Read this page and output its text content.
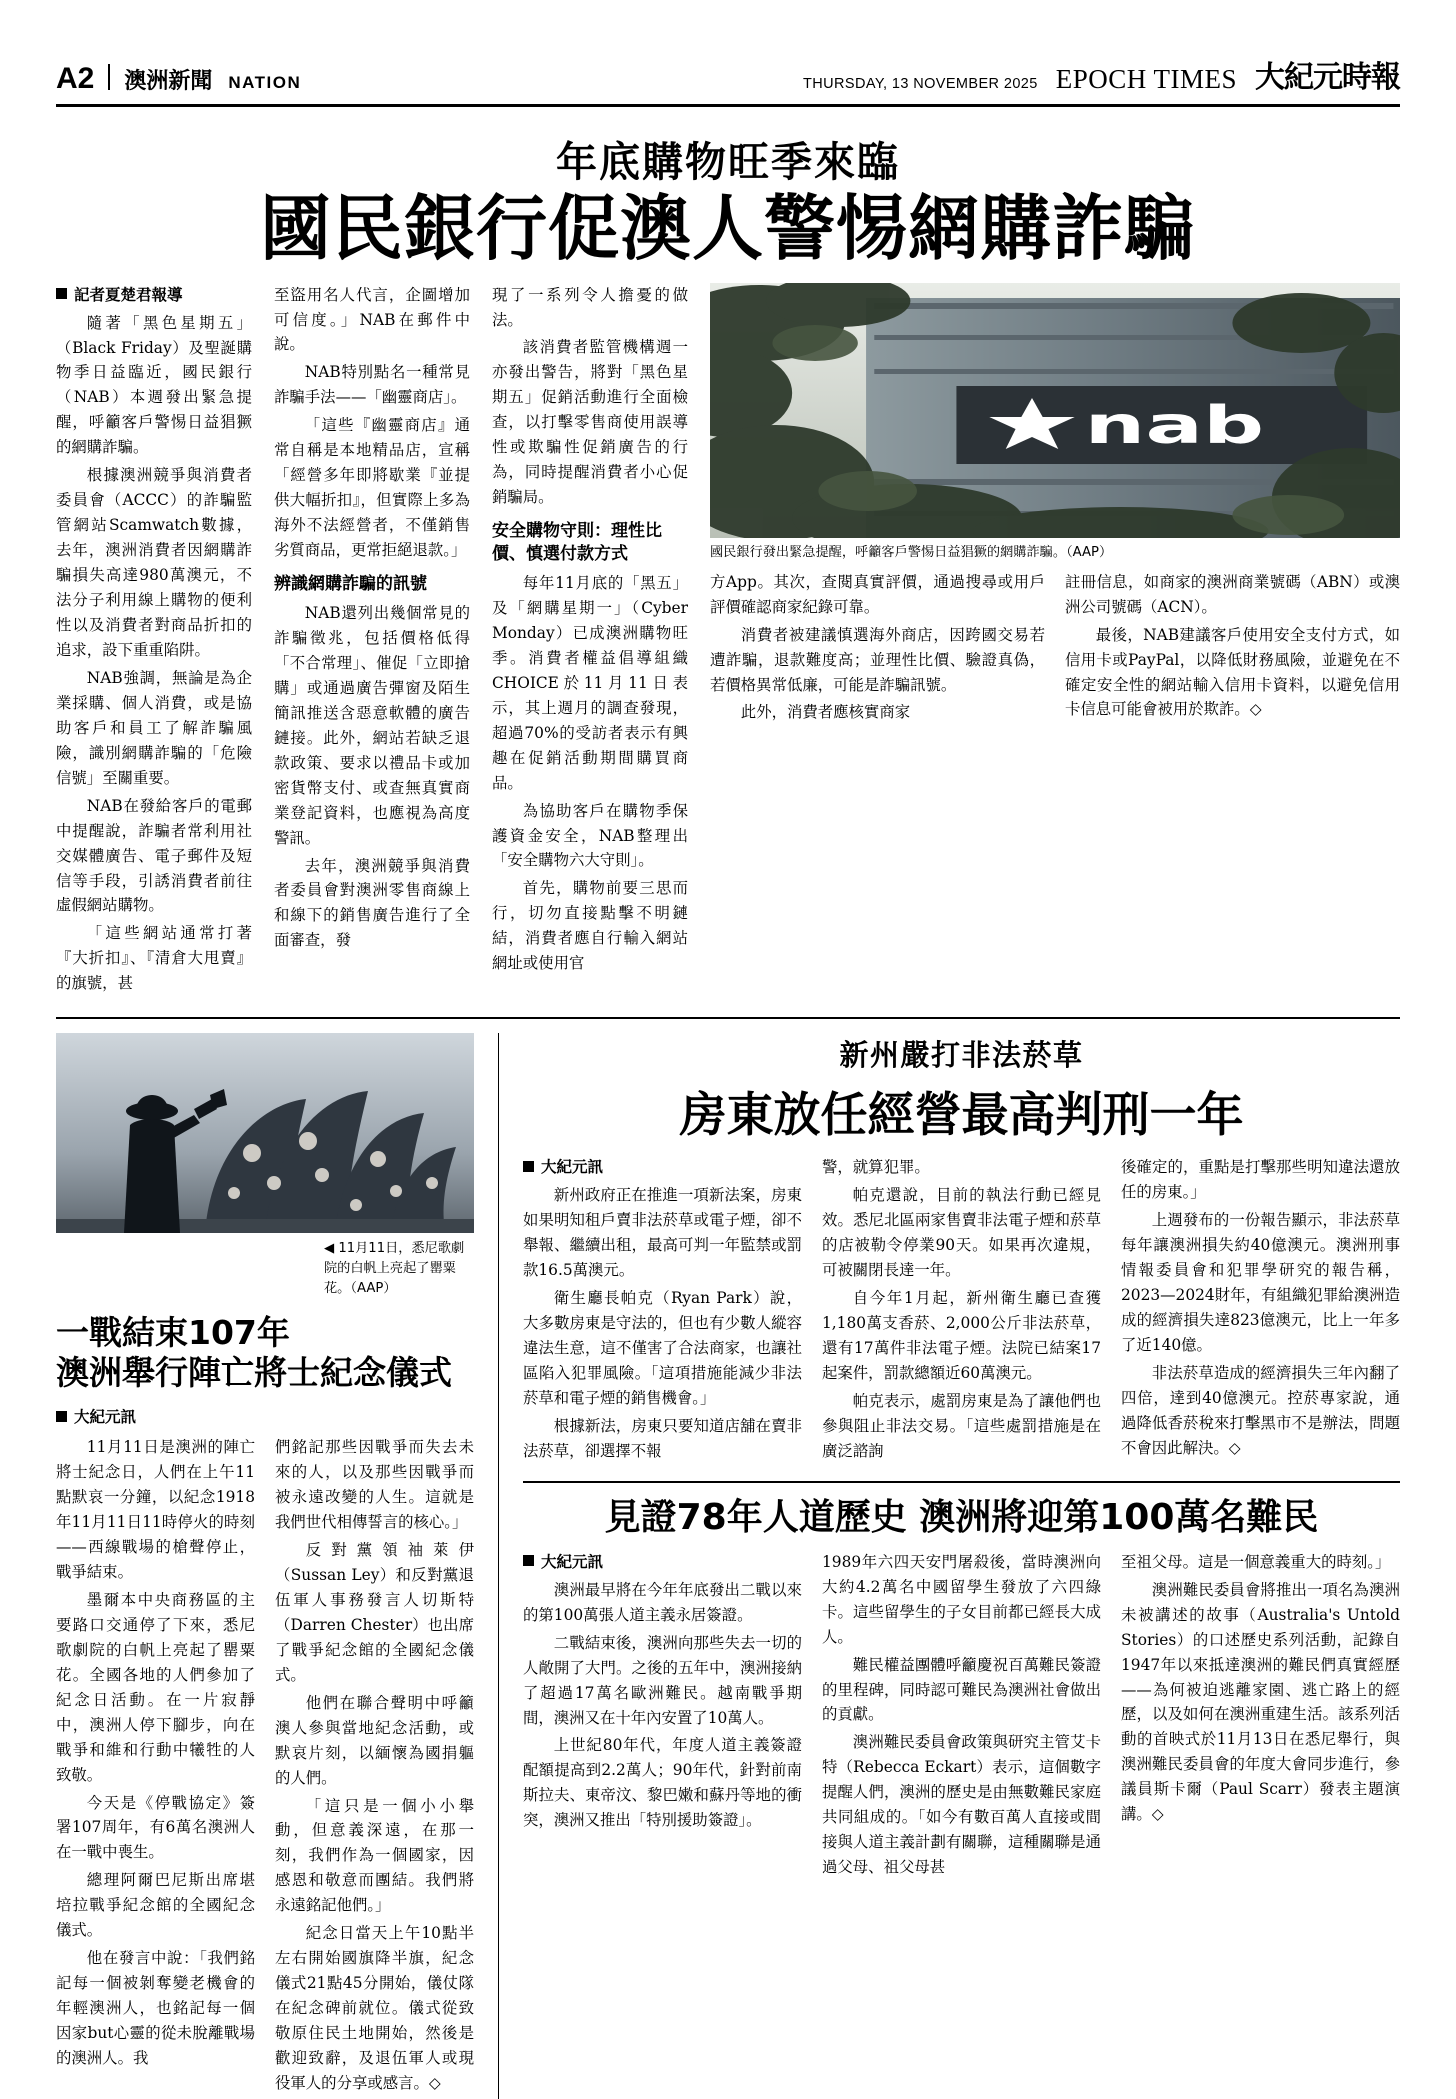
A2 澳洲新聞 NATION	THURSDAY, 13 NOVEMBER 2025 EPOCH TIMES 大紀元時報
年底購物旺季來臨
國民銀行促澳人警惕網購詐騙
記者夏楚君報導

隨著「黑色星期五」（Black Friday）及聖誕購物季日益臨近，國民銀行（NAB）本週發出緊急提醒，呼籲客戶警惕日益猖獗的網購詐騙。

根據澳洲競爭與消費者委員會（ACCC）的詐騙監管網站Scamwatch數據，去年，澳洲消費者因網購詐騙損失高達980萬澳元，不法分子利用線上購物的便利性以及消費者對商品折扣的追求，設下重重陷阱。

NAB強調，無論是為企業採購、個人消費，或是協助客戶和員工了解詐騙風險，識別網購詐騙的「危險信號」至關重要。

NAB在發給客戶的電郵中提醒說，詐騙者常利用社交媒體廣告、電子郵件及短信等手段，引誘消費者前往虛假網站購物。

「這些網站通常打著『大折扣』、『清倉大甩賣』的旗號，甚

至盜用名人代言，企圖增加可信度。」NAB在郵件中說。

NAB特別點名一種常見詐騙手法——「幽靈商店」。

「這些『幽靈商店』通常自稱是本地精品店，宣稱「經營多年即將歇業『並提供大幅折扣』，但實際上多為海外不法經營者，不僅銷售劣質商品，更常拒絕退款。」

辨識網購詐騙的訊號

NAB還列出幾個常見的詐騙徵兆，包括價格低得「不合常理」、催促「立即搶購」或通過廣告彈窗及陌生簡訊推送含惡意軟體的廣告鏈接。此外，網站若缺乏退款政策、要求以禮品卡或加密貨幣支付、或查無真實商業登記資料，也應視為高度警訊。

去年，澳洲競爭與消費者委員會對澳洲零售商線上和線下的銷售廣告進行了全面審查，發

現了一系列令人擔憂的做法。

該消費者監管機構週一亦發出警告，將對「黑色星期五」促銷活動進行全面檢查，以打擊零售商使用誤導性或欺騙性促銷廣告的行為，同時提醒消費者小心促銷騙局。

安全購物守則：理性比價、慎選付款方式

每年11月底的「黑五」及「網購星期一」（Cyber Monday）已成澳洲購物旺季。消費者權益倡導組織CHOICE於11月11日表示，其上週月的調查發現，超過70%的受訪者表示有興趣在促銷活動期間購買商品。

為協助客戶在購物季保護資金安全，NAB整理出「安全購物六大守則」。

首先，購物前要三思而行，切勿直接點擊不明鏈結，消費者應自行輸入網站網址或使用官

nab
國民銀行發出緊急提醒，呼籲客戶警惕日益猖獗的網購詐騙。（AAP）

方App。其次，查閱真實評價，通過搜尋或用戶評價確認商家紀錄可靠。

消費者被建議慎選海外商店，因跨國交易若遭詐騙，退款難度高；並理性比價、驗證真偽，若價格異常低廉，可能是詐騙訊號。

此外，消費者應核實商家

註冊信息，如商家的澳洲商業號碼（ABN）或澳洲公司號碼（ACN）。

最後，NAB建議客戶使用安全支付方式，如信用卡或PayPal，以降低財務風險，並避免在不確定安全性的網站輸入信用卡資料，以避免信用卡信息可能會被用於欺詐。◇

◀ 11月11日，悉尼歌劇院的白帆上亮起了罌粟花。（AAP）
一戰結束107年
澳洲舉行陣亡將士紀念儀式
大紀元訊

11月11日是澳洲的陣亡將士紀念日，人們在上午11點默哀一分鐘，以紀念1918年11月11日11時停火的時刻——西線戰場的槍聲停止，戰爭結束。

墨爾本中央商務區的主要路口交通停了下來，悉尼歌劇院的白帆上亮起了罌粟花。全國各地的人們參加了紀念日活動。在一片寂靜中，澳洲人停下腳步，向在戰爭和維和行動中犧牲的人致敬。

今天是《停戰協定》簽署107周年，有6萬名澳洲人在一戰中喪生。

總理阿爾巴尼斯出席堪培拉戰爭紀念館的全國紀念儀式。

他在發言中說：「我們銘記每一個被剝奪變老機會的年輕澳洲人，也銘記每一個因家but心靈的從未脫離戰場的澳洲人。我

們銘記那些因戰爭而失去未來的人，以及那些因戰爭而被永遠改變的人生。這就是我們世代相傳誓言的核心。」

反對黨領袖萊伊（Sussan Ley）和反對黨退伍軍人事務發言人切斯特（Darren Chester）也出席了戰爭紀念館的全國紀念儀式。

他們在聯合聲明中呼籲澳人參與當地紀念活動，或默哀片刻，以緬懷為國捐軀的人們。

「這只是一個小小舉動，但意義深遠，在那一刻，我們作為一個國家，因感恩和敬意而團結。我們將永遠銘記他們。」

紀念日當天上午10點半左右開始國旗降半旗，紀念儀式21點45分開始，儀仗隊在紀念碑前就位。儀式從致敬原住民土地開始，然後是歡迎致辭，及退伍軍人或現役軍人的分享或感言。◇

新州嚴打非法菸草
房東放任經營最高判刑一年
大紀元訊

新州政府正在推進一項新法案，房東如果明知租戶賣非法菸草或電子煙，卻不舉報、繼續出租，最高可判一年監禁或罰款16.5萬澳元。

衛生廳長帕克（Ryan Park）說，大多數房東是守法的，但也有少數人縱容違法生意，這不僅害了合法商家，也讓社區陷入犯罪風險。「這項措施能減少非法菸草和電子煙的銷售機會。」

根據新法，房東只要知道店舖在賣非法菸草，卻選擇不報

警，就算犯罪。

帕克還說，目前的執法行動已經見效。悉尼北區兩家售賣非法電子煙和菸草的店被勒令停業90天。如果再次違規，可被關閉長達一年。

自今年1月起，新州衛生廳已查獲1,180萬支香菸、2,000公斤非法菸草，還有17萬件非法電子煙。法院已結案17起案件，罰款總額近60萬澳元。

帕克表示，處罰房東是為了讓他們也參與阻止非法交易。「這些處罰措施是在廣泛諮詢

後確定的，重點是打擊那些明知違法還放任的房東。」

上週發布的一份報告顯示，非法菸草每年讓澳洲損失約40億澳元。澳洲刑事情報委員會和犯罪學研究的報告稱，2023—2024財年，有組織犯罪給澳洲造成的經濟損失達823億澳元，比上一年多了近140億。

非法菸草造成的經濟損失三年內翻了四倍，達到40億澳元。控菸專家說，通過降低香菸稅來打擊黑市不是辦法，問題不會因此解決。◇

見證78年人道歷史 澳洲將迎第100萬名難民
大紀元訊

澳洲最早將在今年年底發出二戰以來的第100萬張人道主義永居簽證。

二戰結束後，澳洲向那些失去一切的人敞開了大門。之後的五年中，澳洲接納了超過17萬名歐洲難民。越南戰爭期間，澳洲又在十年內安置了10萬人。

上世紀80年代，年度人道主義簽證配額提高到2.2萬人；90年代，針對前南斯拉夫、東帝汶、黎巴嫩和蘇丹等地的衝突，澳洲又推出「特別援助簽證」。

1989年六四天安門屠殺後，當時澳洲向大約4.2萬名中國留學生發放了六四綠卡。這些留學生的子女目前都已經長大成人。

難民權益團體呼籲慶祝百萬難民簽證的里程碑，同時認可難民為澳洲社會做出的貢獻。

澳洲難民委員會政策與研究主管艾卡特（Rebecca Eckart）表示，這個數字提醒人們，澳洲的歷史是由無數難民家庭共同組成的。「如今有數百萬人直接或間接與人道主義計劃有關聯，這種關聯是通過父母、祖父母甚

至祖父母。這是一個意義重大的時刻。」

澳洲難民委員會將推出一項名為澳洲未被講述的故事（Australia's Untold Stories）的口述歷史系列活動，記錄自1947年以來抵達澳洲的難民們真實經歷——為何被迫逃離家園、逃亡路上的經歷，以及如何在澳洲重建生活。該系列活動的首映式於11月13日在悉尼舉行，與澳洲難民委員會的年度大會同步進行，參議員斯卡爾（Paul Scarr）發表主題演講。◇
